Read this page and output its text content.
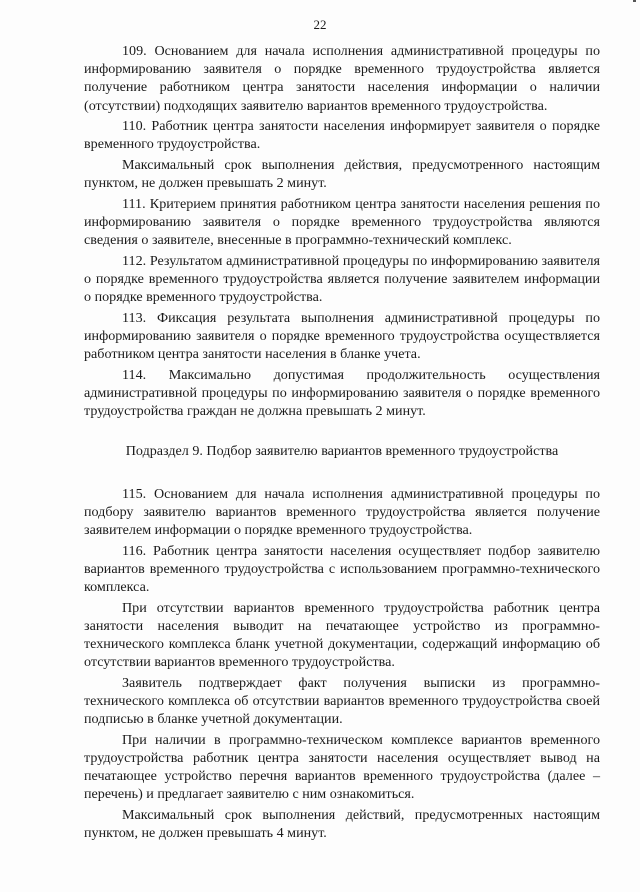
22

109. Основанием для начала исполнения административной процедуры по информированию заявителя о порядке временного трудоустройства является получение работником центра занятости населения информации о наличии (отсутствии) подходящих заявителю вариантов временного трудоустройства.

110. Работник центра занятости населения информирует заявителя о порядке временного трудоустройства.

Максимальный срок выполнения действия, предусмотренного настоящим пунктом, не должен превышать 2 минут.

111. Критерием принятия работником центра занятости населения решения по информированию заявителя о порядке временного трудоустройства являются сведения о заявителе, внесенные в программно-технический комплекс.

112. Результатом административной процедуры по информированию заявителя о порядке временного трудоустройства является получение заявителем информации о порядке временного трудоустройства.

113. Фиксация результата выполнения административной процедуры по информированию заявителя о порядке временного трудоустройства осуществляется работником центра занятости населения в бланке учета.

114. Максимально допустимая продолжительность осуществления административной процедуры по информированию заявителя о порядке временного трудоустройства граждан не должна превышать 2 минут.

Подраздел 9. Подбор заявителю вариантов временного трудоустройства

115. Основанием для начала исполнения административной процедуры по подбору заявителю вариантов временного трудоустройства является получение заявителем информации о порядке временного трудоустройства.

116. Работник центра занятости населения осуществляет подбор заявителю вариантов временного трудоустройства с использованием программно-технического комплекса.

При отсутствии вариантов временного трудоустройства работник центра занятости населения выводит на печатающее устройство из программно-технического комплекса бланк учетной документации, содержащий информацию об отсутствии вариантов временного трудоустройства.

Заявитель подтверждает факт получения выписки из программно-технического комплекса об отсутствии вариантов временного трудоустройства своей подписью в бланке учетной документации.

При наличии в программно-техническом комплексе вариантов временного трудоустройства работник центра занятости населения осуществляет вывод на печатающее устройство перечня вариантов временного трудоустройства (далее – перечень) и предлагает заявителю с ним ознакомиться.

Максимальный срок выполнения действий, предусмотренных настоящим пунктом, не должен превышать 4 минут.
